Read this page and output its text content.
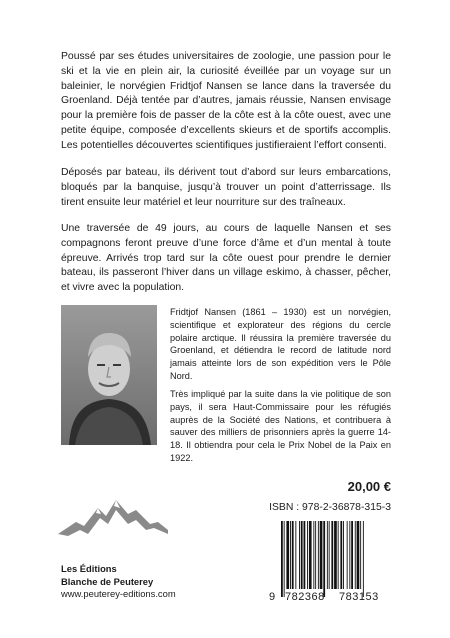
Poussé par ses études universitaires de zoologie, une passion pour le ski et la vie en plein air, la curiosité éveillée par un voyage sur un baleinier, le norvégien Fridtjof Nansen se lance dans la traversée du Groenland. Déjà tentée par d’autres, jamais réussie, Nansen envisage pour la première fois de passer de la côte est à la côte ouest, avec une petite équipe, composée d’excellents skieurs et de sportifs accomplis. Les potentielles découvertes scientifiques justifieraient l’effort consenti.

Déposés par bateau, ils dérivent tout d’abord sur leurs embarcations, bloqués par la banquise, jusqu’à trouver un point d’atterrissage. Ils tirent ensuite leur matériel et leur nourriture sur des traîneaux.

Une traversée de 49 jours, au cours de laquelle Nansen et ses compagnons feront preuve d’une force d’âme et d’un mental à toute épreuve. Arrivés trop tard sur la côte ouest pour prendre le dernier bateau, ils passeront l’hiver dans un village eskimo, à chasser, pêcher, et vivre avec la population.

Fridtjof Nansen (1861 – 1930) est un norvégien, scientifique et explorateur des régions du cercle polaire arctique. Il réussira la première traversée du Groenland, et détiendra le record de latitude nord jamais atteinte lors de son expédition vers le Pôle Nord.

Très impliqué par la suite dans la vie politique de son pays, il sera Haut-Commissaire pour les réfugiés auprès de la Société des Nations, et contribuera à sauver des milliers de prisonniers après la guerre 14-18. Il obtiendra pour cela le Prix Nobel de la Paix en 1922.

20,00 €

ISBN : 978-2-36878-315-3

Les Éditions
Blanche de Peuterey
www.peuterey-editions.com	9 782368 783153
